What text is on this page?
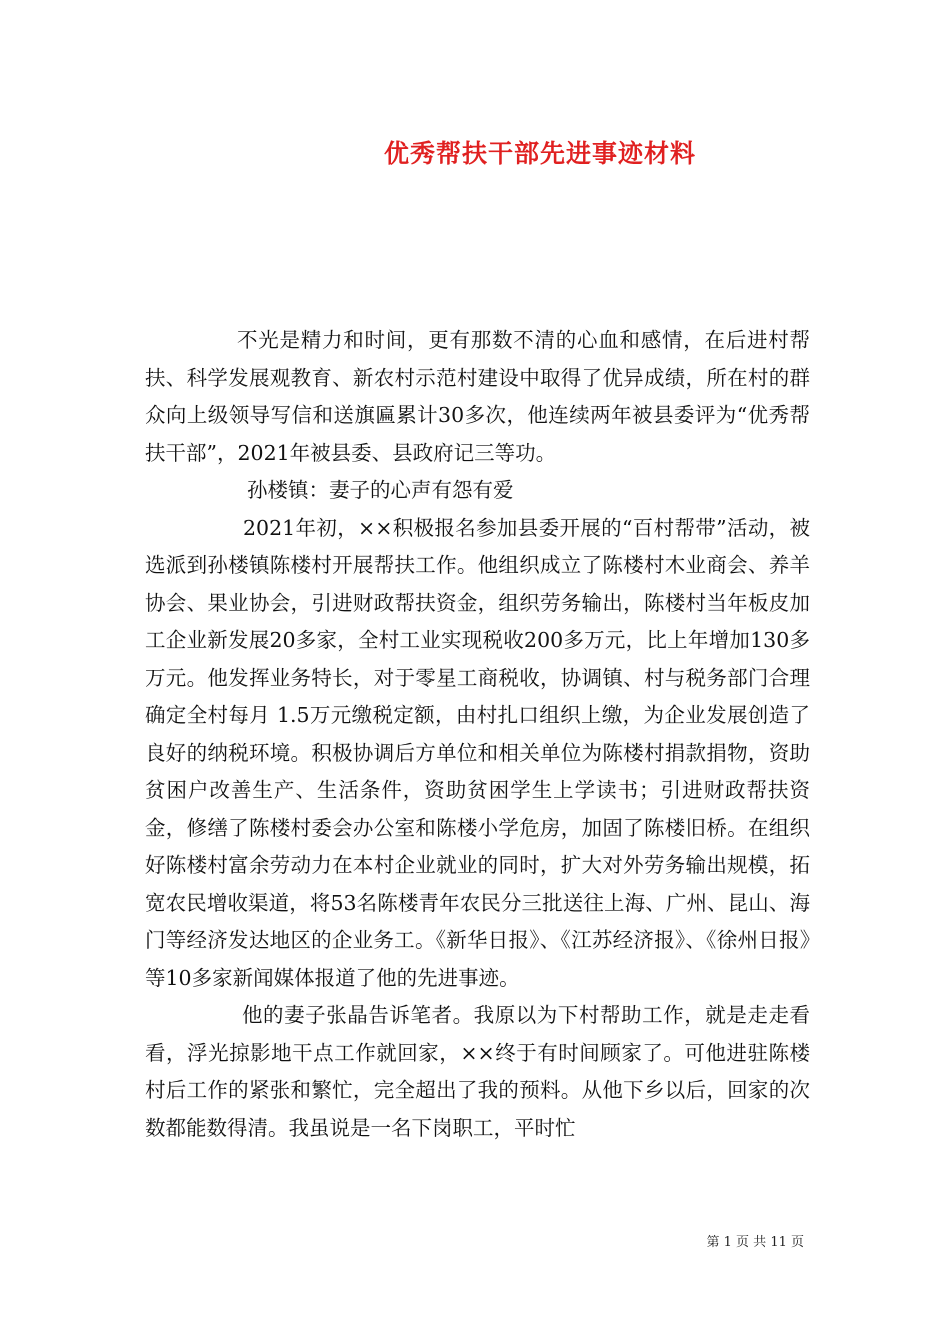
优秀帮扶干部先进事迹材料

不光是精力和时间，更有那数不清的心血和感情，在后进村帮扶、科学发展观教育、新农村示范村建设中取得了优异成绩，所在村的群众向上级领导写信和送旗匾累计30多次，他连续两年被县委评为“优秀帮扶干部”，2021年被县委、县政府记三等功。

孙楼镇：妻子的心声有怨有爱

2021年初，××积极报名参加县委开展的“百村帮带”活动，被选派到孙楼镇陈楼村开展帮扶工作。他组织成立了陈楼村木业商会、养羊协会、果业协会，引进财政帮扶资金，组织劳务输出，陈楼村当年板皮加工企业新发展20多家，全村工业实现税收200多万元，比上年增加130多万元。他发挥业务特长，对于零星工商税收，协调镇、村与税务部门合理确定全村每月 1.5万元缴税定额，由村扎口组织上缴，为企业发展创造了良好的纳税环境。积极协调后方单位和相关单位为陈楼村捐款捐物，资助贫困户改善生产、生活条件，资助贫困学生上学读书；引进财政帮扶资金，修缮了陈楼村委会办公室和陈楼小学危房，加固了陈楼旧桥。在组织好陈楼村富余劳动力在本村企业就业的同时，扩大对外劳务输出规模，拓宽农民增收渠道，将53名陈楼青年农民分三批送往上海、广州、昆山、海门等经济发达地区的企业务工。《新华日报》、《江苏经济报》、《徐州日报》等10多家新闻媒体报道了他的先进事迹。

他的妻子张晶告诉笔者。我原以为下村帮助工作，就是走走看看，浮光掠影地干点工作就回家，××终于有时间顾家了。可他进驻陈楼村后工作的紧张和繁忙，完全超出了我的预料。从他下乡以后，回家的次数都能数得清。我虽说是一名下岗职工，平时忙

第 1 页 共 11 页
